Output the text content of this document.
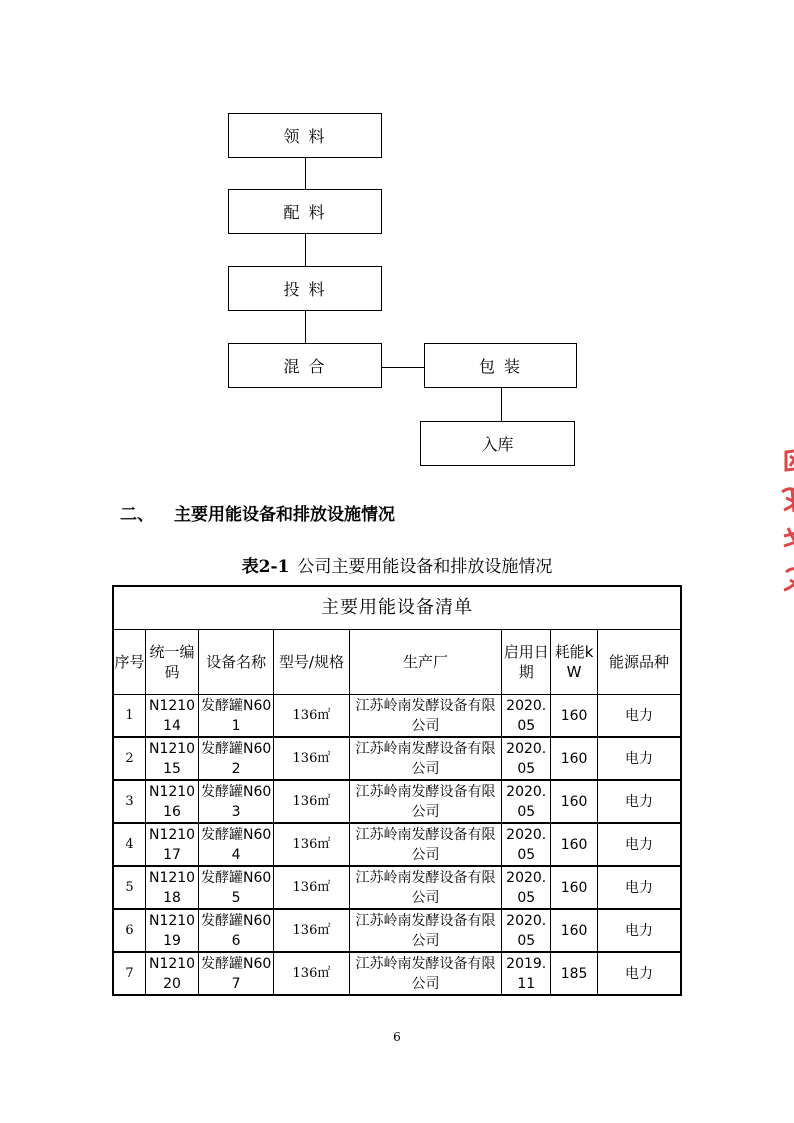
领 料
配 料
投 料
混 合	包 装
入库
二、 主要用能设备和排放设施情况
表2-1 公司主要用能设备和排放设施情况
主要用能设备清单							
序号	统一编码	设备名称	型号/规格	生产厂	启用日期	耗能kW	能源品种
1	N121014	发酵罐N601	136㎡	江苏岭南发酵设备有限公司	2020.05	160	电力
2	N121015	发酵罐N602	136㎡	江苏岭南发酵设备有限公司	2020.05	160	电力
3	N121016	发酵罐N603	136㎡	江苏岭南发酵设备有限公司	2020.05	160	电力
4	N121017	发酵罐N604	136㎡	江苏岭南发酵设备有限公司	2020.05	160	电力
5	N121018	发酵罐N605	136㎡	江苏岭南发酵设备有限公司	2020.05	160	电力
6	N121019	发酵罐N606	136㎡	江苏岭南发酵设备有限公司	2020.05	160	电力
7	N121020	发酵罐N607	136㎡	江苏岭南发酵设备有限公司	2019.11	185	电力
6
